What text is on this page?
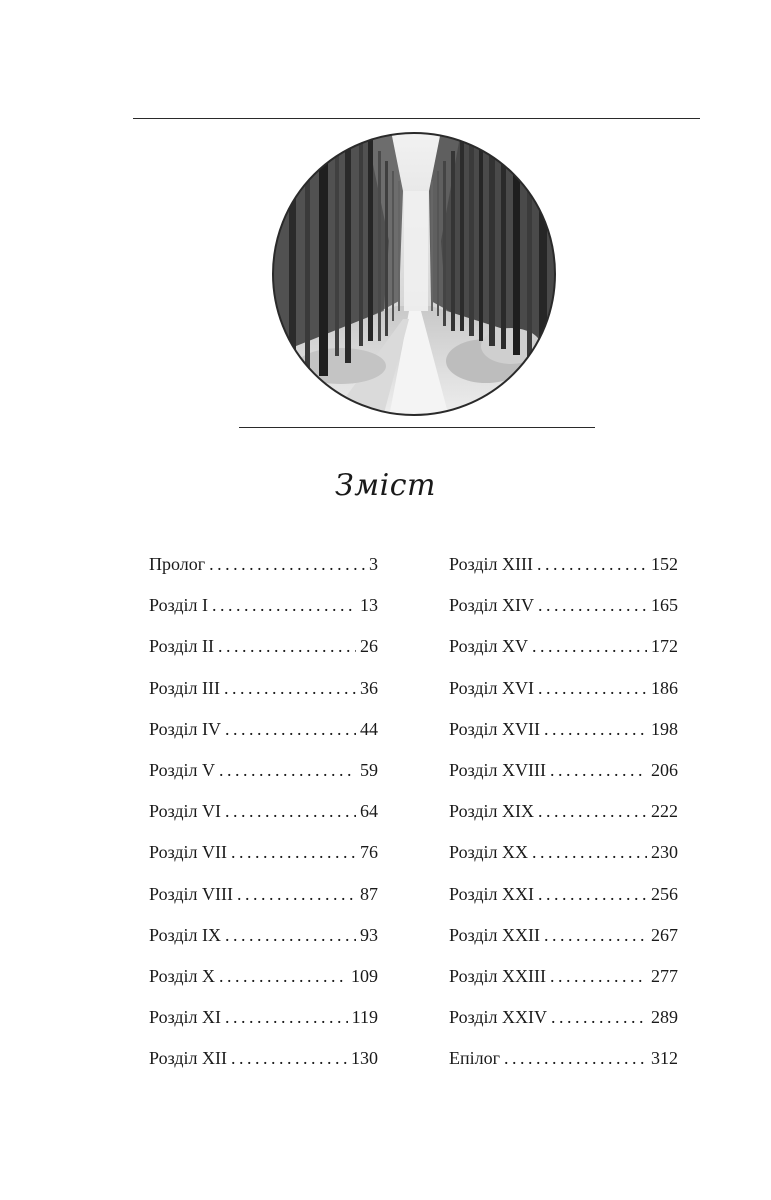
Зміст
Пролог . . .	3
Розділ I . . .	13
Розділ II . . .	26
Розділ III . . .	36
Розділ IV . . .	44
Розділ V . . .	59
Розділ VI . . .	64
Розділ VII . . .	76
Розділ VIII . . .	87
Розділ IX . . .	93
Розділ X . . .	109
Розділ XI . . .	119
Розділ XII . . .	130
Розділ XIII . . .	152
Розділ XIV . . .	165
Розділ XV . . .	172
Розділ XVI . . .	186
Розділ XVII . . .	198
Розділ XVIII . . .	206
Розділ XIX . . .	222
Розділ XX . . .	230
Розділ XXI . . .	256
Розділ XXII . . .	267
Розділ XXIII . . .	277
Розділ XXIV . . .	289
Епілог . . .	312
